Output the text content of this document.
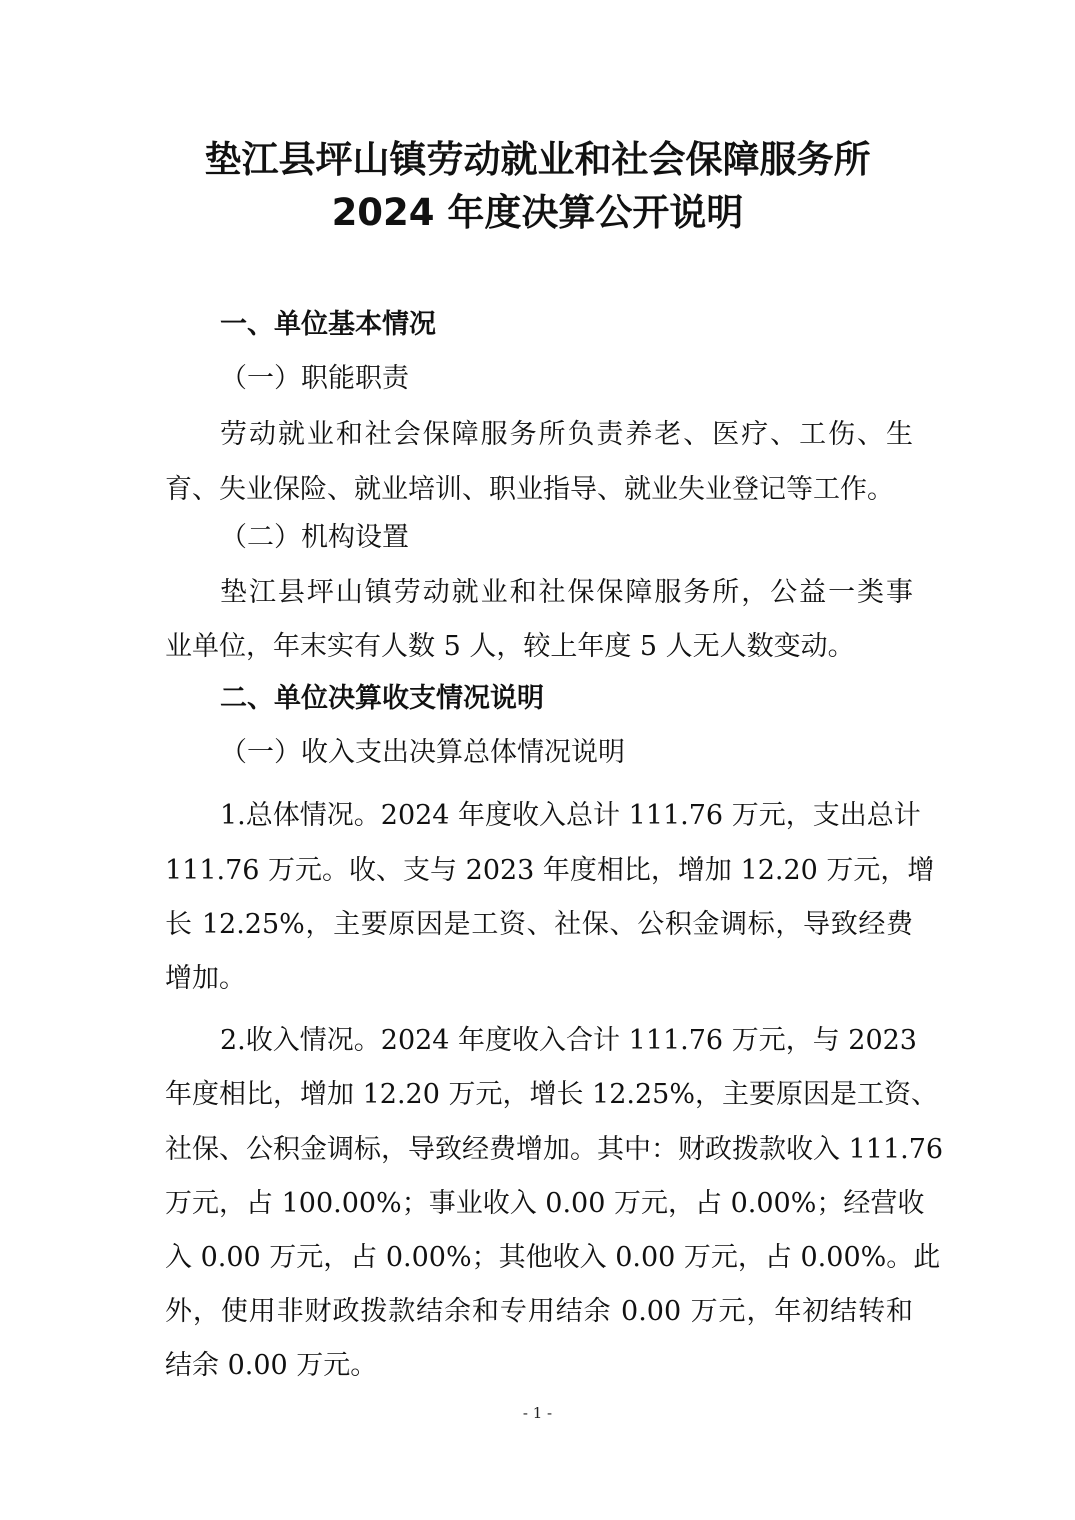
垫江县坪山镇劳动就业和社会保障服务所
2024 年度决算公开说明
一、单位基本情况
（一）职能职责
劳动就业和社会保障服务所负责养老、医疗、工伤、生
育、失业保险、就业培训、职业指导、就业失业登记等工作。
（二）机构设置
垫江县坪山镇劳动就业和社保保障服务所，公益一类事
业单位，年末实有人数 5 人，较上年度 5 人无人数变动。
二、单位决算收支情况说明
（一）收入支出决算总体情况说明
1.总体情况。2024 年度收入总计 111.76 万元，支出总计
111.76 万元。收、支与 2023 年度相比，增加 12.20 万元，增
长 12.25%，主要原因是工资、社保、公积金调标，导致经费
增加。
2.收入情况。2024 年度收入合计 111.76 万元，与 2023
年度相比，增加 12.20 万元，增长 12.25%，主要原因是工资、
社保、公积金调标，导致经费增加。其中：财政拨款收入 111.76
万元，占 100.00%；事业收入 0.00 万元，占 0.00%；经营收
入 0.00 万元，占 0.00%；其他收入 0.00 万元，占 0.00%。此
外，使用非财政拨款结余和专用结余 0.00 万元，年初结转和
结余 0.00 万元。
- 1 -
